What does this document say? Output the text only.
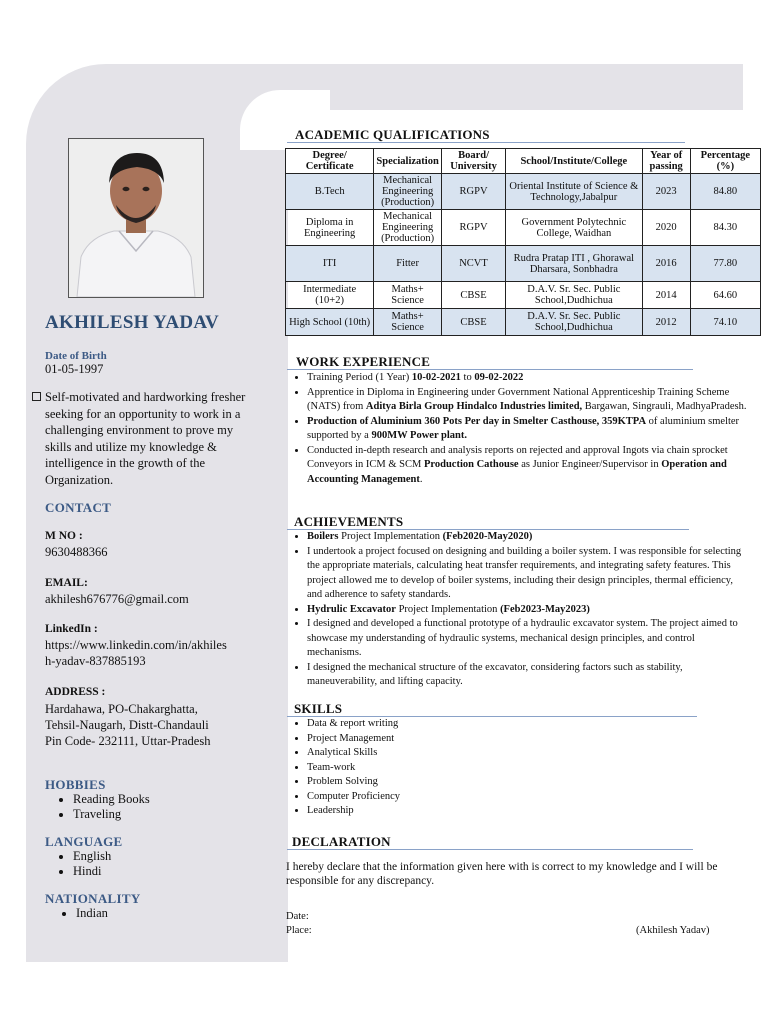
AKHILESH YADAV
Date of Birth
01-05-1997
Self-motivated and hardworking fresher seeking for an opportunity to work in a challenging environment to prove my skills and utilize my knowledge & intelligence in the growth of the Organization.
CONTACT
M NO :
9630488366
EMAIL:
akhilesh676776@gmail.com
LinkedIn :
https://www.linkedin.com/in/akhiles
h-yadav-837885193
ADDRESS :
Hardahawa, PO-Chakarghatta,
Tehsil-Naugarh, Distt-Chandauli
Pin Code- 232111, Uttar-Pradesh
HOBBIES
• Reading Books
• Traveling
LANGUAGE
• English
• Hindi
NATIONALITY
• Indian
ACADEMIC QUALIFICATIONS
Degree/ Certificate	Specialization	Board/ University	School/Institute/College	Year of passing	Percentage (%)
B.Tech	Mechanical Engineering (Production)	RGPV	Oriental Institute of Science & Technology,Jabalpur	2023	84.80
Diploma in Engineering	Mechanical Engineering (Production)	RGPV	Government Polytechnic College, Waidhan	2020	84.30
ITI	Fitter	NCVT	Rudra Pratap ITI , Ghorawal Dharsara, Sonbhadra	2016	77.80
Intermediate (10+2)	Maths+ Science	CBSE	D.A.V. Sr. Sec. Public School,Dudhichua	2014	64.60
High School (10th)	Maths+ Science	CBSE	D.A.V. Sr. Sec. Public School,Dudhichua	2012	74.10
WORK EXPERIENCE
• Training Period (1 Year) 10-02-2021 to 09-02-2022
• Apprentice in Diploma in Engineering under Government National Apprenticeship Training Scheme (NATS) from Aditya Birla Group Hindalco Industries limited, Bargawan, Singrauli, MadhyaPradesh.
• Production of Aluminium 360 Pots Per day in Smelter Casthouse, 359KTPA of aluminium smelter supported by a 900MW Power plant.
• Conducted in-depth research and analysis reports on rejected and approval Ingots via chain sprocket Conveyors in ICM & SCM Production Cathouse as Junior Engineer/Supervisor in Operation and Accounting Management.
ACHIEVEMENTS
• Boilers Project Implementation (Feb2020-May2020)
• I undertook a project focused on designing and building a boiler system. I was responsible for selecting the appropriate materials, calculating heat transfer requirements, and integrating safety features. This project allowed me to develop of boiler systems, including their design principles, thermal efficiency, and adherence to safety standards.
• Hydrulic Excavator Project Implementation (Feb2023-May2023)
• I designed and developed a functional prototype of a hydraulic excavator system. The project aimed to showcase my understanding of hydraulic systems, mechanical design principles, and control mechanisms.
• I designed the mechanical structure of the excavator, considering factors such as stability, maneuverability, and lifting capacity.
SKILLS
• Data & report writing
• Project Management
• Analytical Skills
• Team-work
• Problem Solving
• Computer Proficiency
• Leadership
DECLARATION
I hereby declare that the information given here with is correct to my knowledge and I will be responsible for any discrepancy.
Date:
Place:	(Akhilesh Yadav)
